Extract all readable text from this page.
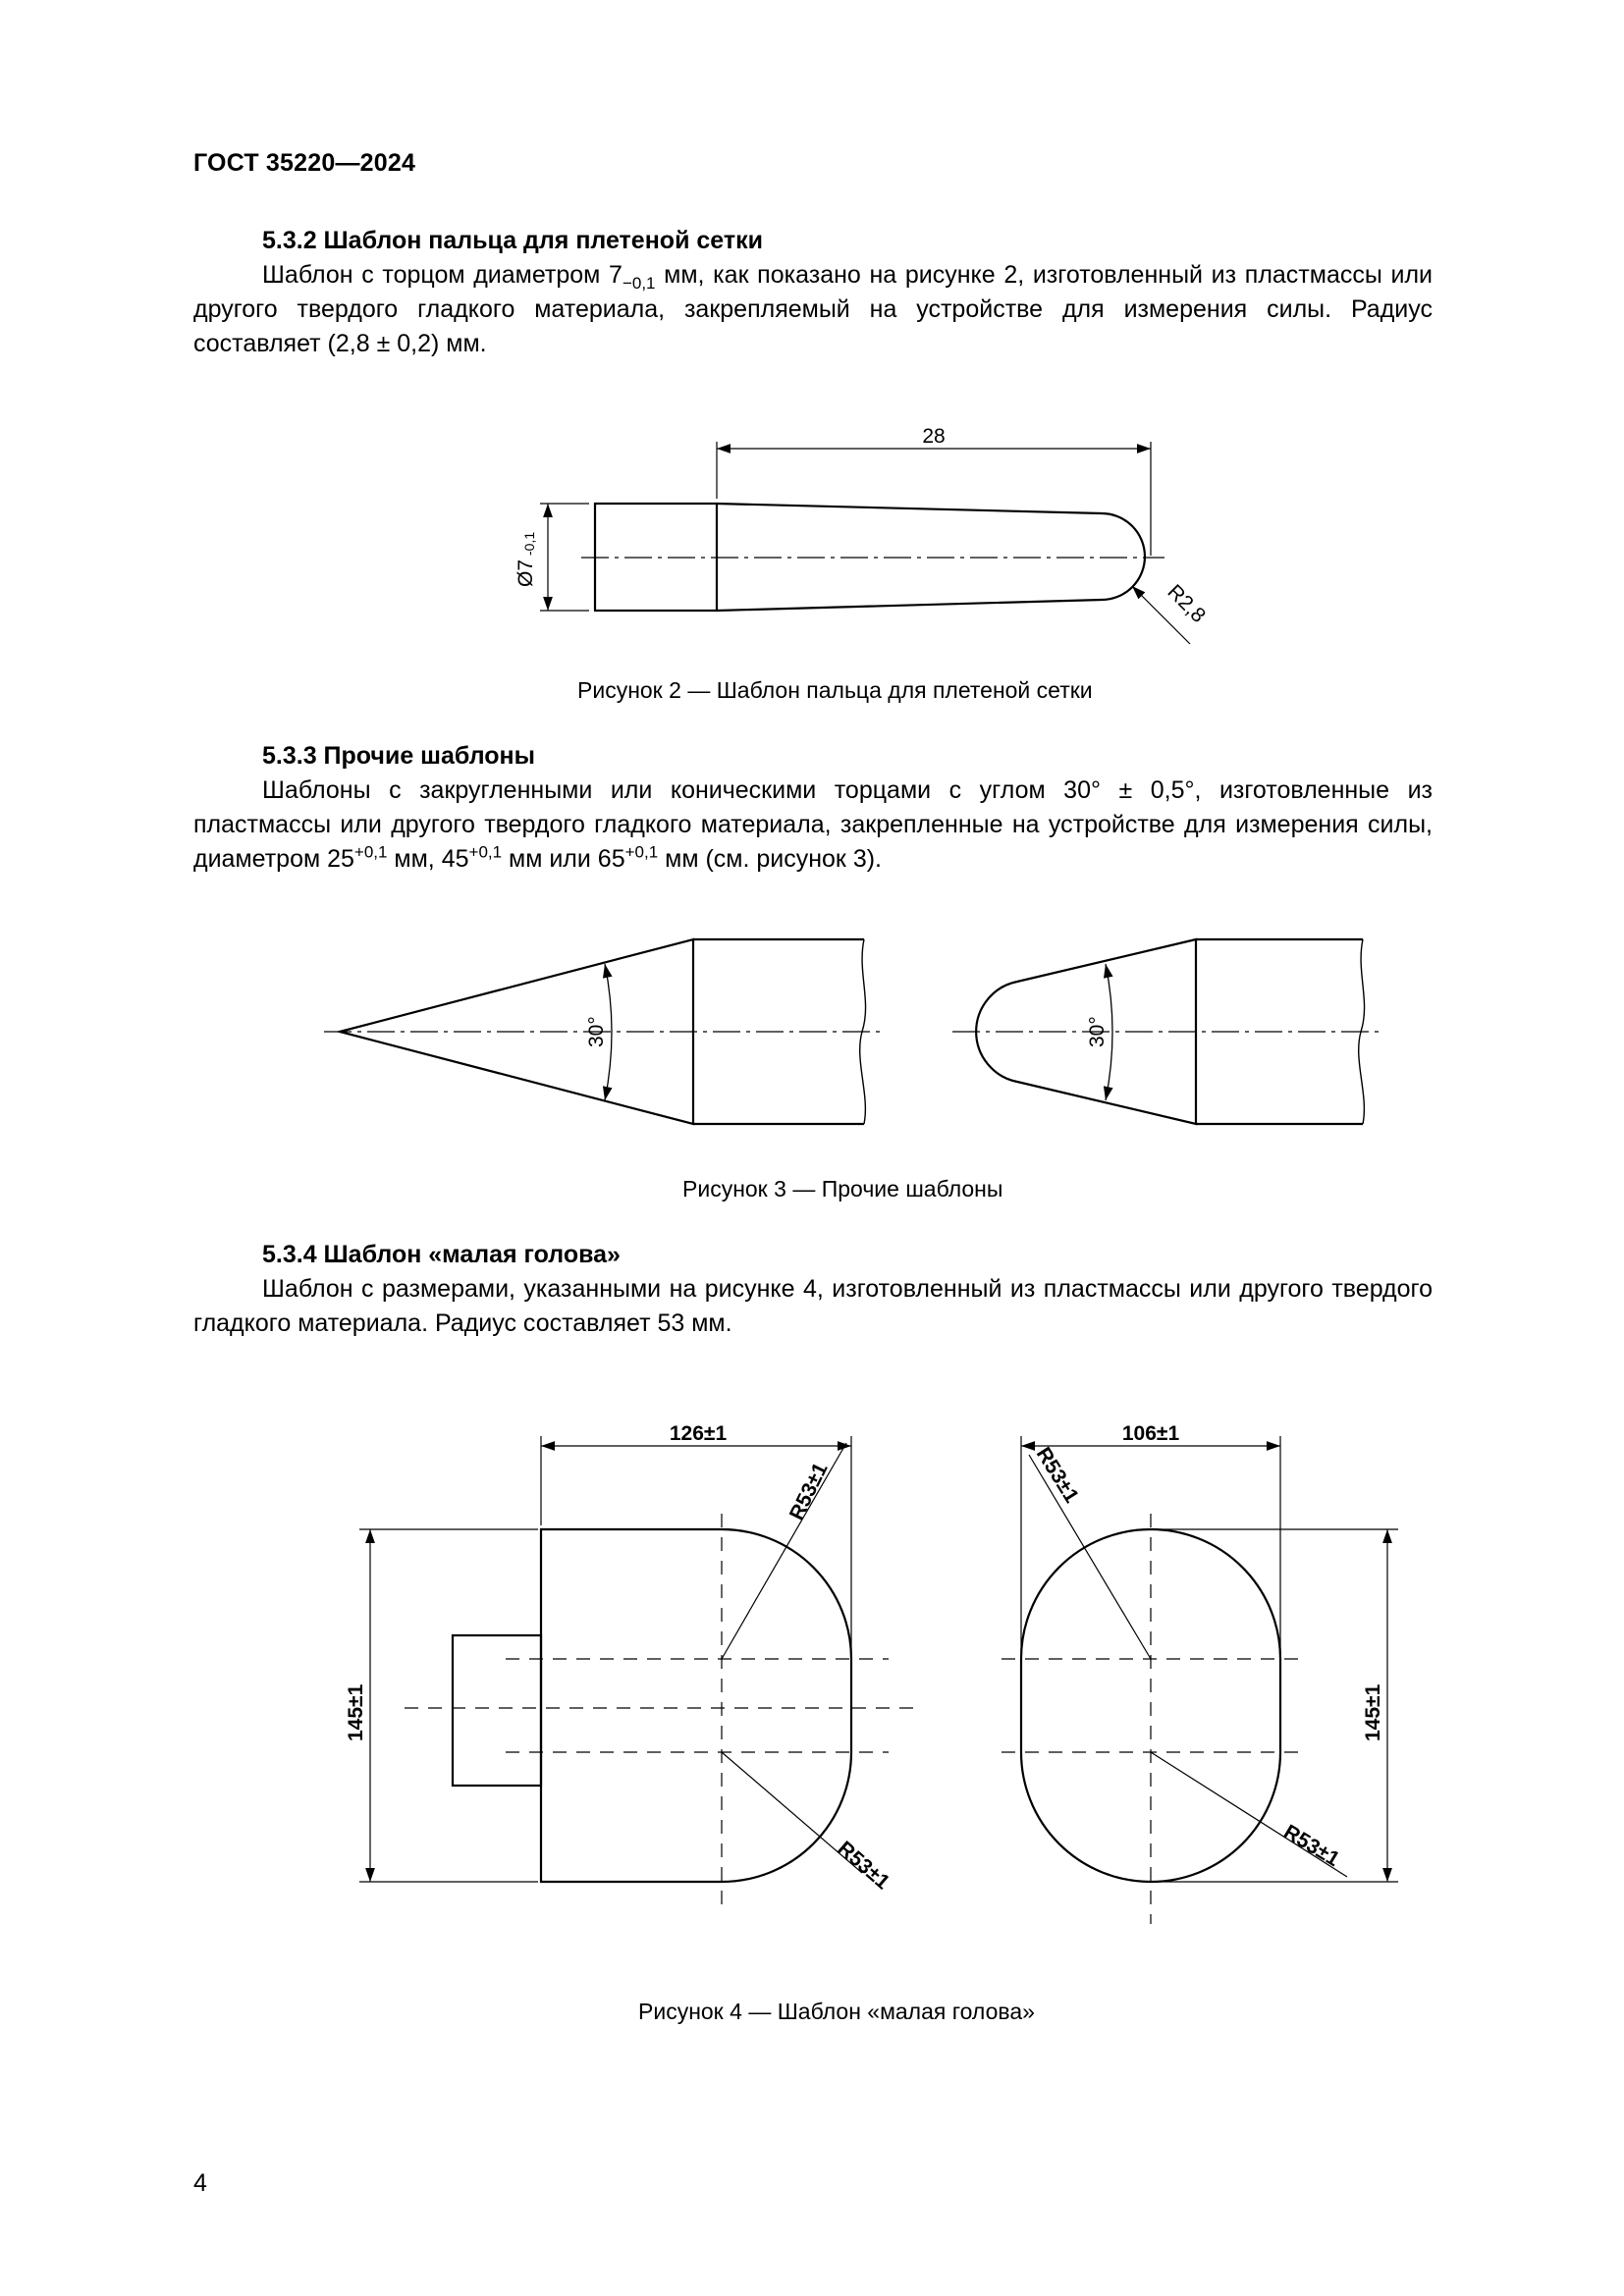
ГОСТ 35220—2024
5.3.2 Шаблон пальца для плетеной сетки
Шаблон с торцом диаметром $7_{-0,1}$ мм, как показано на рисунке 2, изготовленный из пластмассы или другого твердого гладкого материала, закрепляемый на устройстве для измерения силы. Радиус составляет (2,8 ± 0,2) мм.
28
Ø7-0,1
R2,8
Рисунок 2 — Шаблон пальца для плетеной сетки
5.3.3 Прочие шаблоны
Шаблоны с закругленными или коническими торцами с углом 30° ± 0,5°, изготовленные из пластмассы или другого твердого гладкого материала, закрепленные на устройстве для измерения силы, диаметром $25^{+0,1}$ мм, $45^{+0,1}$ мм или $65^{+0,1}$ мм (см. рисунок 3).
30°	30°
Рисунок 3 — Прочие шаблоны
5.3.4 Шаблон «малая голова»
Шаблон с размерами, указанными на рисунке 4, изготовленный из пластмассы или другого твердого гладкого материала. Радиус составляет 53 мм.
126±1
145±1
R53±1
R53±1
106±1
145±1
R53±1
R53±1
Рисунок 4 — Шаблон «малая голова»
4
